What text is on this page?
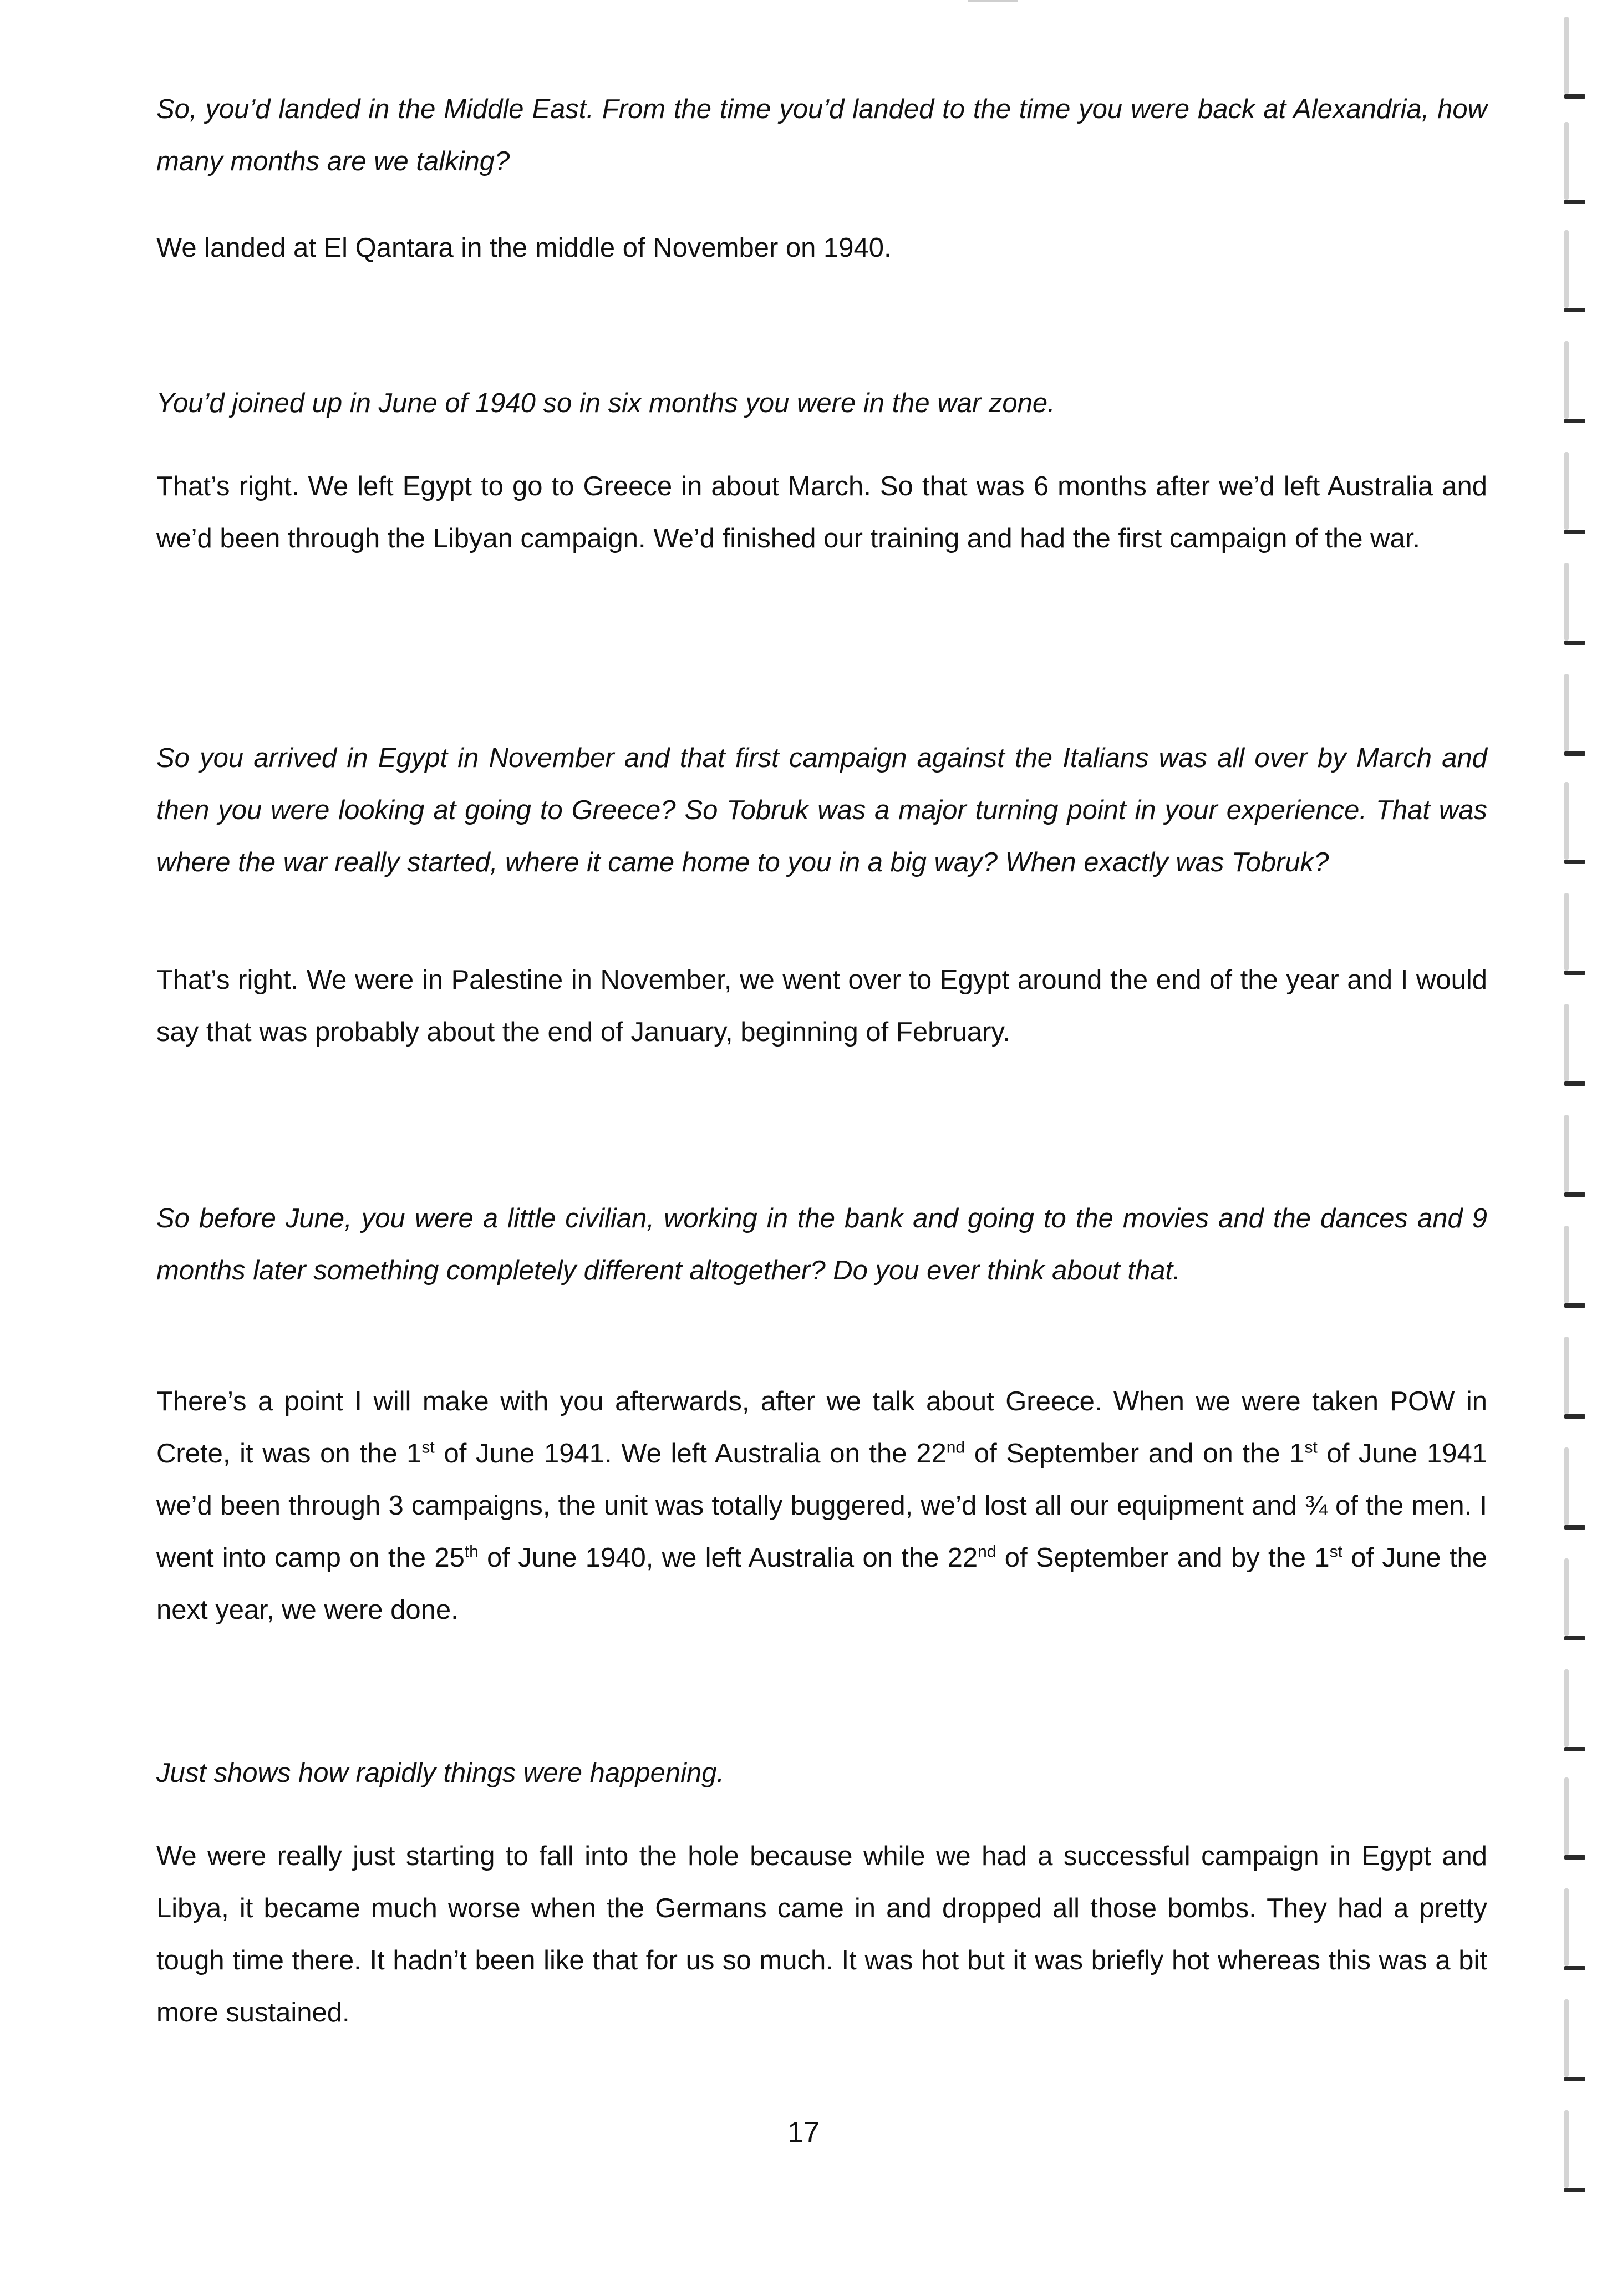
So, you’d landed in the Middle East. From the time you’d landed to the time you were back at Alexandria, how many months are we talking?

We landed at El Qantara in the middle of November on 1940.

You’d joined up in June of 1940 so in six months you were in the war zone.

That’s right. We left Egypt to go to Greece in about March. So that was 6 months after we’d left Australia and we’d been through the Libyan campaign. We’d finished our training and had the first campaign of the war.

So you arrived in Egypt in November and that first campaign against the Italians was all over by March and then you were looking at going to Greece? So Tobruk was a major turning point in your experience. That was where the war really started, where it came home to you in a big way? When exactly was Tobruk?

That’s right. We were in Palestine in November, we went over to Egypt around the end of the year and I would say that was probably about the end of January, beginning of February.

So before June, you were a little civilian, working in the bank and going to the movies and the dances and 9 months later something completely different altogether? Do you ever think about that.

There’s a point I will make with you afterwards, after we talk about Greece. When we were taken POW in Crete, it was on the 1st of June 1941. We left Australia on the 22nd of September and on the 1st of June 1941 we’d been through 3 campaigns, the unit was totally buggered, we’d lost all our equipment and ¾ of the men. I went into camp on the 25th of June 1940, we left Australia on the 22nd of September and by the 1st of June the next year, we were done.

Just shows how rapidly things were happening.

We were really just starting to fall into the hole because while we had a successful campaign in Egypt and Libya, it became much worse when the Germans came in and dropped all those bombs. They had a pretty tough time there. It hadn’t been like that for us so much. It was hot but it was briefly hot whereas this was a bit more sustained.

17
